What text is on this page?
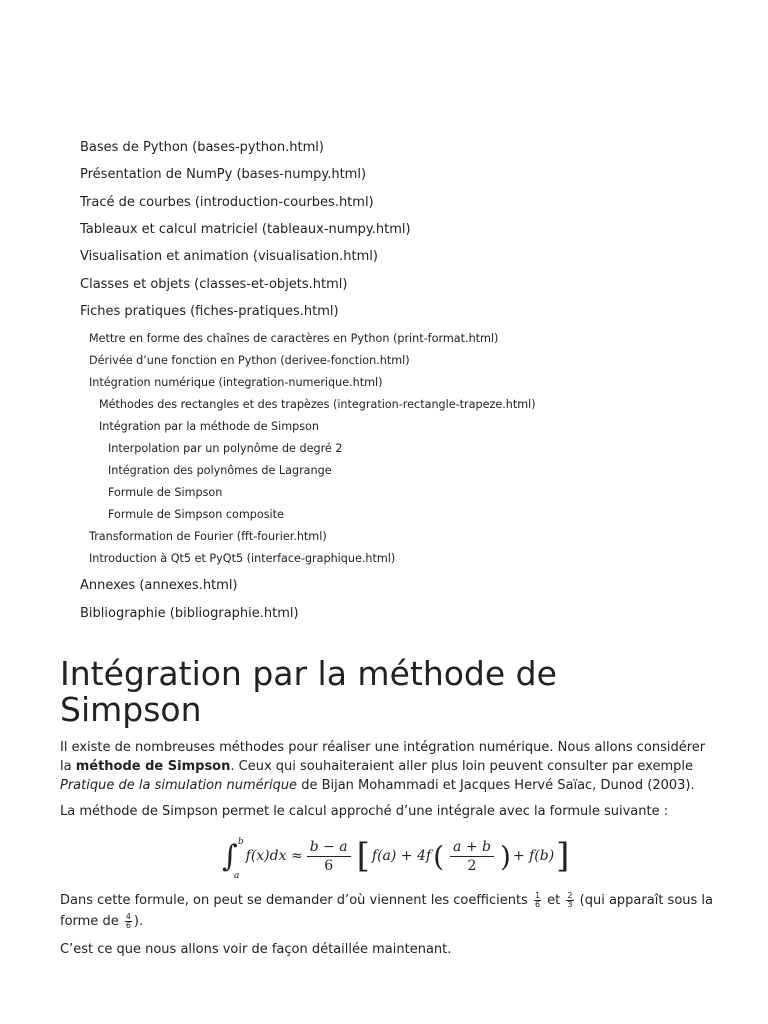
Bases de Python (bases-python.html)
Présentation de NumPy (bases-numpy.html)
Tracé de courbes (introduction-courbes.html)
Tableaux et calcul matriciel (tableaux-numpy.html)
Visualisation et animation (visualisation.html)
Classes et objets (classes-et-objets.html)
Fiches pratiques (fiches-pratiques.html)
Mettre en forme des chaînes de caractères en Python (print-format.html)
Dérivée d’une fonction en Python (derivee-fonction.html)
Intégration numérique (integration-numerique.html)
Méthodes des rectangles et des trapèzes (integration-rectangle-trapeze.html)
Intégration par la méthode de Simpson
Interpolation par un polynôme de degré 2
Intégration des polynômes de Lagrange
Formule de Simpson
Formule de Simpson composite
Transformation de Fourier (fft-fourier.html)
Introduction à Qt5 et PyQt5 (interface-graphique.html)
Annexes (annexes.html)
Bibliographie (bibliographie.html)
Intégration par la méthode de Simpson

Il existe de nombreuses méthodes pour réaliser une intégration numérique. Nous allons considérer la méthode de Simpson. Ceux qui souhaiteraient aller plus loin peuvent consulter par exemple Pratique de la simulation numérique de Bijan Mohammadi et Jacques Hervé Saïac, Dunod (2003).

La méthode de Simpson permet le calcul approché d’une intégrale avec la formule suivante :

∫ b
a
$f(x)dx \approx \frac{b - a}{6}$ [ f(a) + 4f ( $\frac{a + b}{2}$ ) + f(b) ]

Dans cette formule, on peut se demander d’où viennent les coefficients $\frac{1}{6}$ et $\frac{2}{3} (qui$ apparaît sous la forme de $\frac{4}{6}$ ).

C’est ce que nous allons voir de façon détaillée maintenant.
